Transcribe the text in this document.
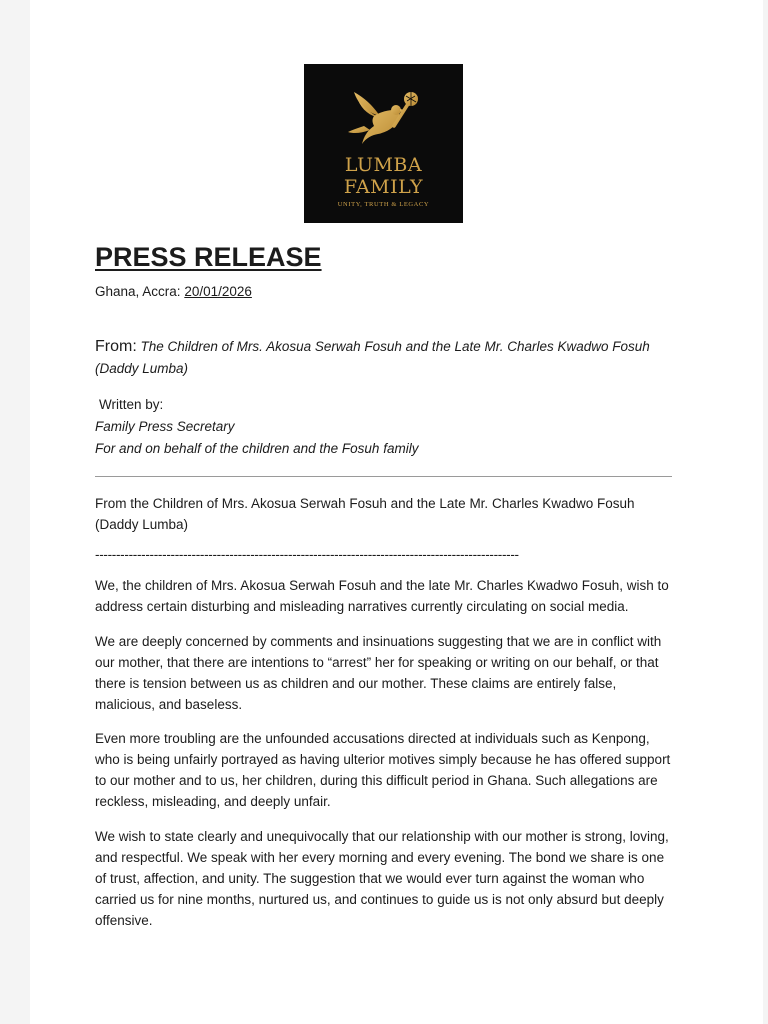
LUMBA
FAMILY
UNITY, TRUTH & LEGACY
PRESS RELEASE
Ghana, Accra: 20/01/2026
From: The Children of Mrs. Akosua Serwah Fosuh and the Late Mr. Charles Kwadwo Fosuh (Daddy Lumba)
Written by:
Family Press Secretary
For and on behalf of the children and the Fosuh family
From the Children of Mrs. Akosua Serwah Fosuh and the Late Mr. Charles Kwadwo Fosuh (Daddy Lumba)
-----------------------------------------------------------------------------------------------------

We, the children of Mrs. Akosua Serwah Fosuh and the late Mr. Charles Kwadwo Fosuh, wish to address certain disturbing and misleading narratives currently circulating on social media.

We are deeply concerned by comments and insinuations suggesting that we are in conflict with our mother, that there are intentions to “arrest” her for speaking or writing on our behalf, or that there is tension between us as children and our mother. These claims are entirely false, malicious, and baseless.

Even more troubling are the unfounded accusations directed at individuals such as Kenpong, who is being unfairly portrayed as having ulterior motives simply because he has offered support to our mother and to us, her children, during this difficult period in Ghana. Such allegations are reckless, misleading, and deeply unfair.

We wish to state clearly and unequivocally that our relationship with our mother is strong, loving, and respectful. We speak with her every morning and every evening. The bond we share is one of trust, affection, and unity. The suggestion that we would ever turn against the woman who carried us for nine months, nurtured us, and continues to guide us is not only absurd but deeply offensive.
